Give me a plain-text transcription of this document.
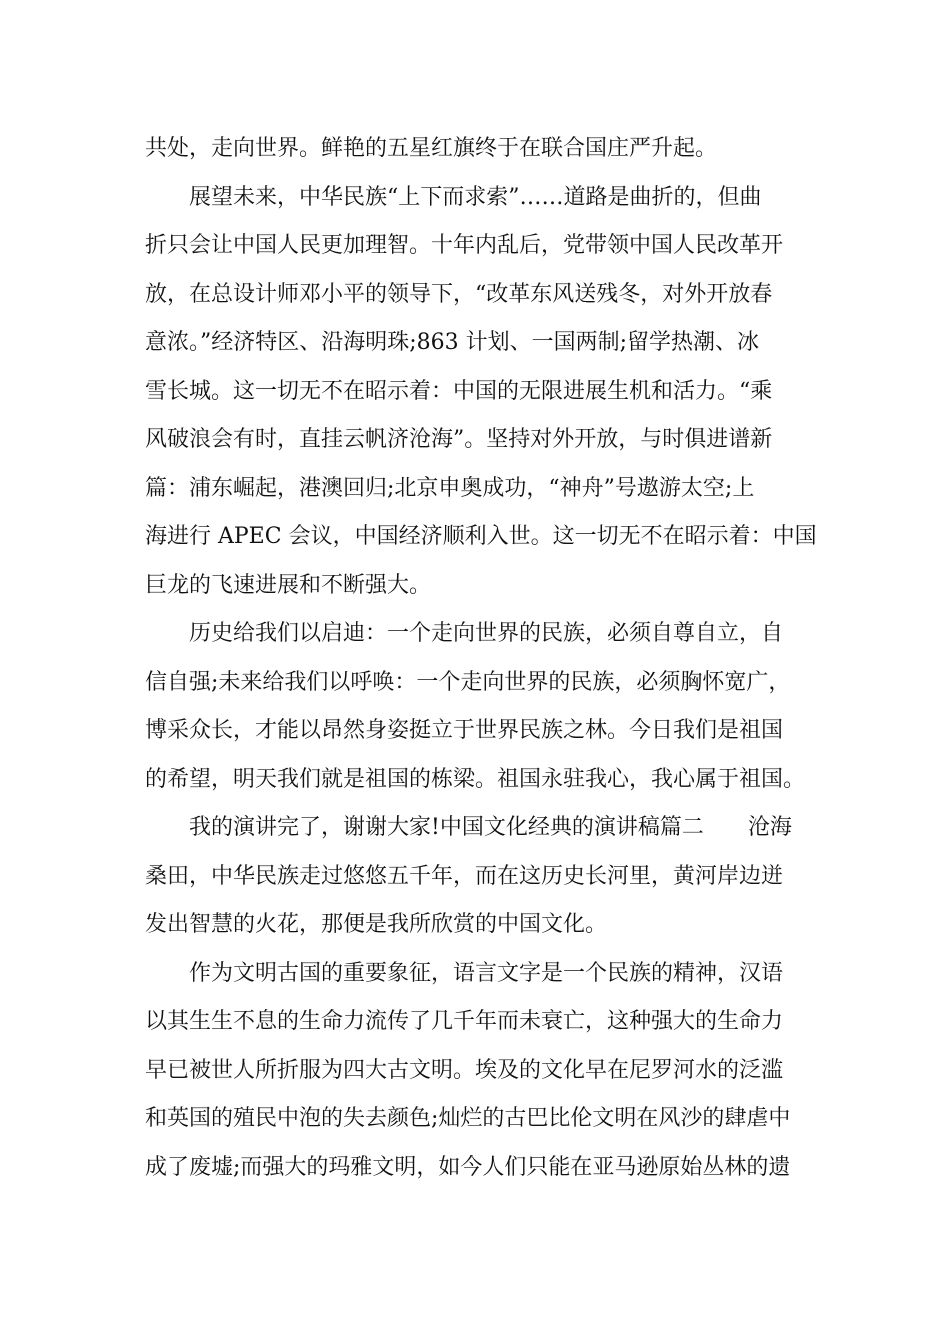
共处，走向世界。鲜艳的五星红旗终于在联合国庄严升起。
展望未来，中华民族“上下而求索”……道路是曲折的，但曲
折只会让中国人民更加理智。十年内乱后，党带领中国人民改革开
放，在总设计师邓小平的领导下，“改革东风送残冬，对外开放春
意浓。”经济特区、沿海明珠;863 计划、一国两制;留学热潮、冰
雪长城。这一切无不在昭示着：中国的无限进展生机和活力。“乘
风破浪会有时，直挂云帆济沧海”。坚持对外开放，与时俱进谱新
篇：浦东崛起，港澳回归;北京申奥成功，“神舟”号遨游太空;上
海进行 APEC 会议，中国经济顺利入世。这一切无不在昭示着：中国
巨龙的飞速进展和不断强大。
历史给我们以启迪：一个走向世界的民族，必须自尊自立，自
信自强;未来给我们以呼唤：一个走向世界的民族，必须胸怀宽广，
博采众长，才能以昂然身姿挺立于世界民族之林。今日我们是祖国
的希望，明天我们就是祖国的栋梁。祖国永驻我心，我心属于祖国。
我的演讲完了，谢谢大家!中国文化经典的演讲稿篇二 沧海
桑田，中华民族走过悠悠五千年，而在这历史长河里，黄河岸边迸
发出智慧的火花，那便是我所欣赏的中国文化。
作为文明古国的重要象征，语言文字是一个民族的精神，汉语
以其生生不息的生命力流传了几千年而未衰亡，这种强大的生命力
早已被世人所折服为四大古文明。埃及的文化早在尼罗河水的泛滥
和英国的殖民中泡的失去颜色;灿烂的古巴比伦文明在风沙的肆虐中
成了废墟;而强大的玛雅文明，如今人们只能在亚马逊原始丛林的遗
